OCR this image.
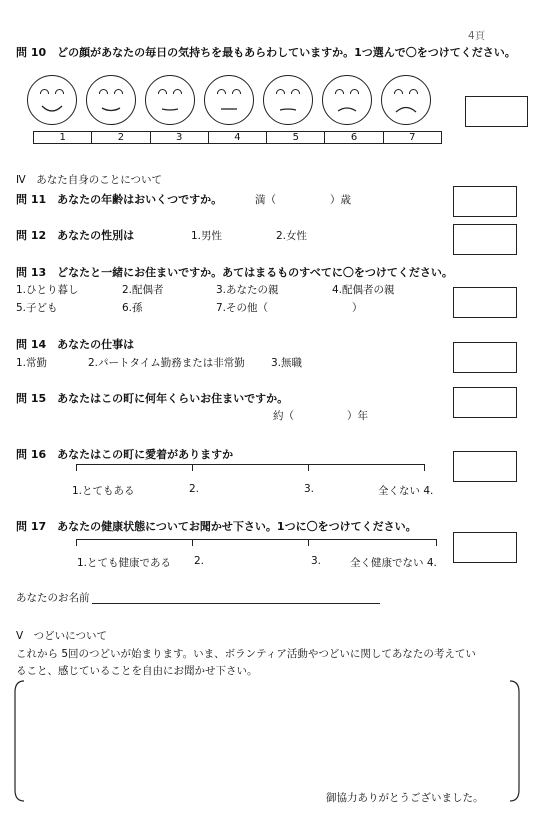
4頁
問 10　どの顔があなたの毎日の気持ちを最もあらわしていますか。1つ選んで〇をつけてください。
1	2	3	4	5	6	7
Ⅳ　あなた自身のことについて
問 11　あなたの年齢はおいくつですか。	満（	）歳
問 12　あなたの性別は	1.男性	2.女性
問 13　どなたと一緒にお住まいですか。あてはまるものすべてに〇をつけてください。
1.ひとり暮し	2.配偶者	3.あなたの親	4.配偶者の親
5.子ども	6.孫	7.その他（	）
問 14　あなたの仕事は
1.常勤	2.パートタイム勤務または非常勤 3.無職
問 15　あなたはこの町に何年くらいお住まいですか。
約（	）年
問 16　あなたはこの町に愛着がありますか
1.とてもある	2.	3.	全くない 4.
問 17　あなたの健康状態についてお聞かせ下さい。1つに〇をつけてください。
1.とても健康である 2.	3.	全く健康でない 4.
あなたのお名前
Ⅴ　つどいについて
これから 5回のつどいが始まります。いま、ボランティア活動やつどいに関してあなたの考えてい
ること、感じていることを自由にお聞かせ下さい。
御協力ありがとうございました。
